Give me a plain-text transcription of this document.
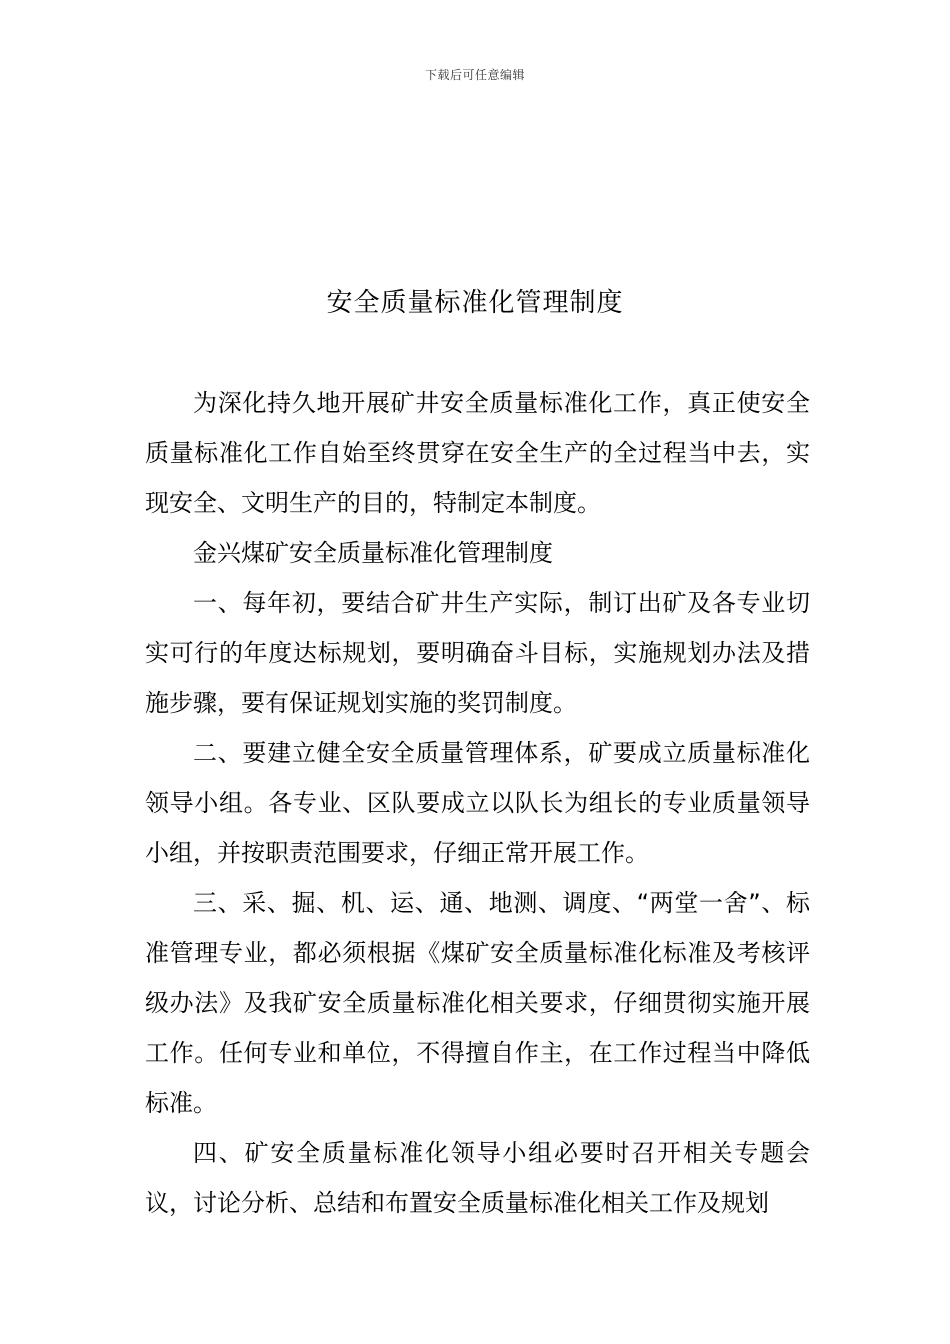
下载后可任意编辑
安全质量标准化管理制度

为深化持久地开展矿井安全质量标准化工作，真正使安全质量标准化工作自始至终贯穿在安全生产的全过程当中去，实现安全、文明生产的目的，特制定本制度。

金兴煤矿安全质量标准化管理制度

一、每年初，要结合矿井生产实际，制订出矿及各专业切实可行的年度达标规划，要明确奋斗目标，实施规划办法及措施步骤，要有保证规划实施的奖罚制度。

二、要建立健全安全质量管理体系，矿要成立质量标准化领导小组。各专业、区队要成立以队长为组长的专业质量领导小组，并按职责范围要求，仔细正常开展工作。

三、采、掘、机、运、通、地测、调度、“两堂一舍”、标准管理专业，都必须根据《煤矿安全质量标准化标准及考核评级办法》及我矿安全质量标准化相关要求，仔细贯彻实施开展工作。任何专业和单位，不得擅自作主，在工作过程当中降低标准。

四、矿安全质量标准化领导小组必要时召开相关专题会议，讨论分析、总结和布置安全质量标准化相关工作及规划
